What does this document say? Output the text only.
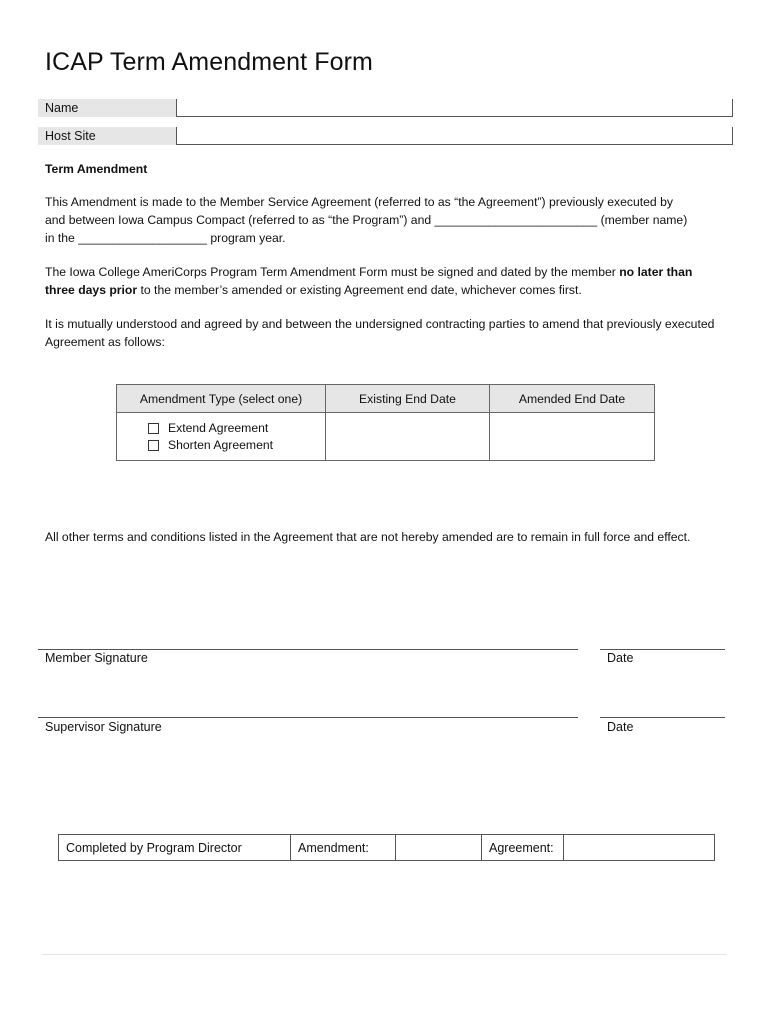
ICAP Term Amendment Form
Name
Host Site

Term Amendment

This Amendment is made to the Member Service Agreement (referred to as “the Agreement”) previously executed by
and between Iowa Campus Compact (referred to as “the Program”) and ________________________ (member name)
in the ___________________ program year.

The Iowa College AmeriCorps Program Term Amendment Form must be signed and dated by the member no later than three days prior to the member’s amended or existing Agreement end date, whichever comes first.

It is mutually understood and agreed by and between the undersigned contracting parties to amend that previously executed Agreement as follows:

Amendment Type (select one)	Existing End Date	Amended End Date

Extend Agreement
Shorten Agreement		

All other terms and conditions listed in the Agreement that are not hereby amended are to remain in full force and effect.

Member Signature	Date
Supervisor Signature	Date
Completed by Program Director	Amendment:		Agreement:	
